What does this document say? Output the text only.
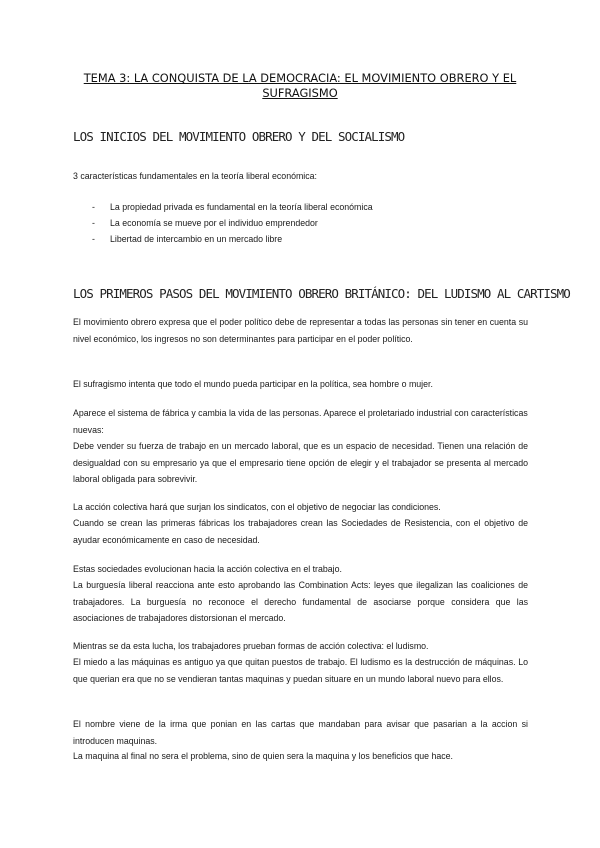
TEMA 3: LA CONQUISTA DE LA DEMOCRACIA: EL MOVIMIENTO OBRERO Y EL SUFRAGISMO
LOS INICIOS DEL MOVIMIENTO OBRERO Y DEL SOCIALISMO
3 características fundamentales en la teoría liberal económica:
- La propiedad privada es fundamental en la teoría liberal económica
- La economía se mueve por el individuo emprendedor
- Libertad de intercambio en un mercado libre
LOS PRIMEROS PASOS DEL MOVIMIENTO OBRERO BRITÁNICO: DEL LUDISMO AL CARTISMO
El movimiento obrero expresa que el poder político debe de representar a todas las personas sin tener en cuenta su nivel económico, los ingresos no son determinantes para participar en el poder político.
El sufragismo intenta que todo el mundo pueda participar en la política, sea hombre o mujer.
Aparece el sistema de fábrica y cambia la vida de las personas. Aparece el proletariado industrial con características nuevas:
Debe vender su fuerza de trabajo en un mercado laboral, que es un espacio de necesidad. Tienen una relación de desigualdad con su empresario ya que el empresario tiene opción de elegir y el trabajador se presenta al mercado laboral obligada para sobrevivir.
La acción colectiva hará que surjan los sindicatos, con el objetivo de negociar las condiciones.
Cuando se crean las primeras fábricas los trabajadores crean las Sociedades de Resistencia, con el objetivo de ayudar económicamente en caso de necesidad.
Estas sociedades evolucionan hacia la acción colectiva en el trabajo.
La burguesía liberal reacciona ante esto aprobando las Combination Acts: leyes que ilegalizan las coaliciones de trabajadores. La burguesía no reconoce el derecho fundamental de asociarse porque considera que las asociaciones de trabajadores distorsionan el mercado.
Mientras se da esta lucha, los trabajadores prueban formas de acción colectiva: el ludismo.
El miedo a las máquinas es antiguo ya que quitan puestos de trabajo. El ludismo es la destrucción de máquinas. Lo que querian era que no se vendieran tantas maquinas y puedan situare en un mundo laboral nuevo para ellos.
El nombre viene de la irma que ponian en las cartas que mandaban para avisar que pasarian a la accion si introducen maquinas.
La maquina al final no sera el problema, sino de quien sera la maquina y los beneficios que hace.
